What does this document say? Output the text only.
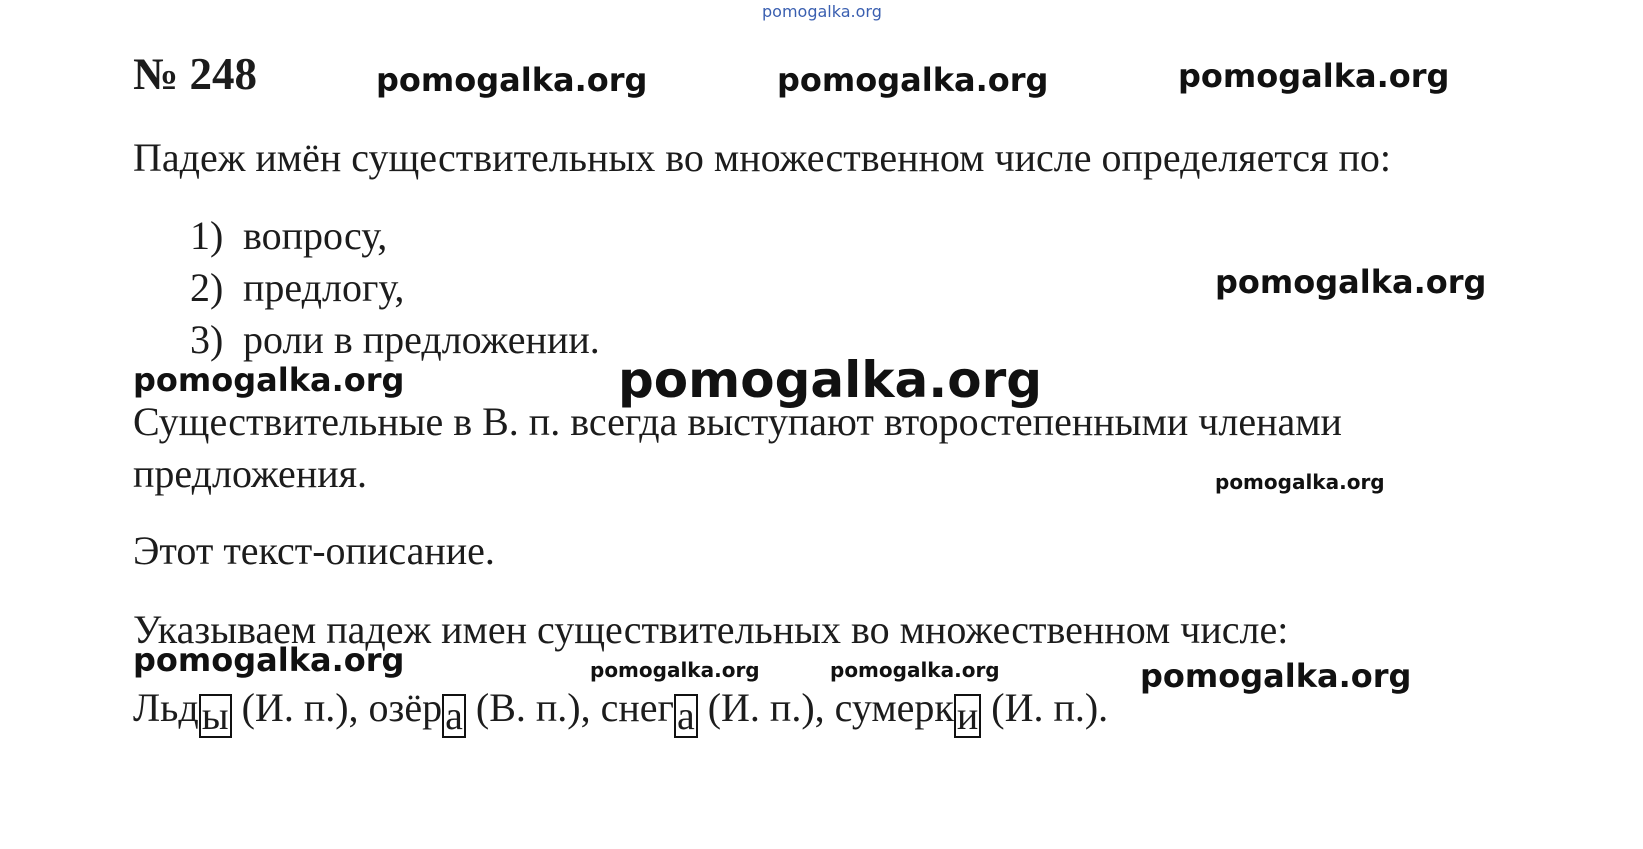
pomogalka.org
pomogalka.org	pomogalka.org	pomogalka.org
pomogalka.org
pomogalka.org	pomogalka.org
pomogalka.org
pomogalka.org	pomogalka.org	pomogalka.org	pomogalka.org
№ 248
Падеж имён существительных во множественном числе определяется по:
1) вопросу,
2) предлогу,
3) роли в предложении.
Существительные в В. п. всегда выступают второстепенными членами
предложения.
Этот текст-описание.
Указываем падеж имен существительных во множественном числе:
Льды (И. п.), озёра (В. п.), снега (И. п.), сумерки (И. п.).
